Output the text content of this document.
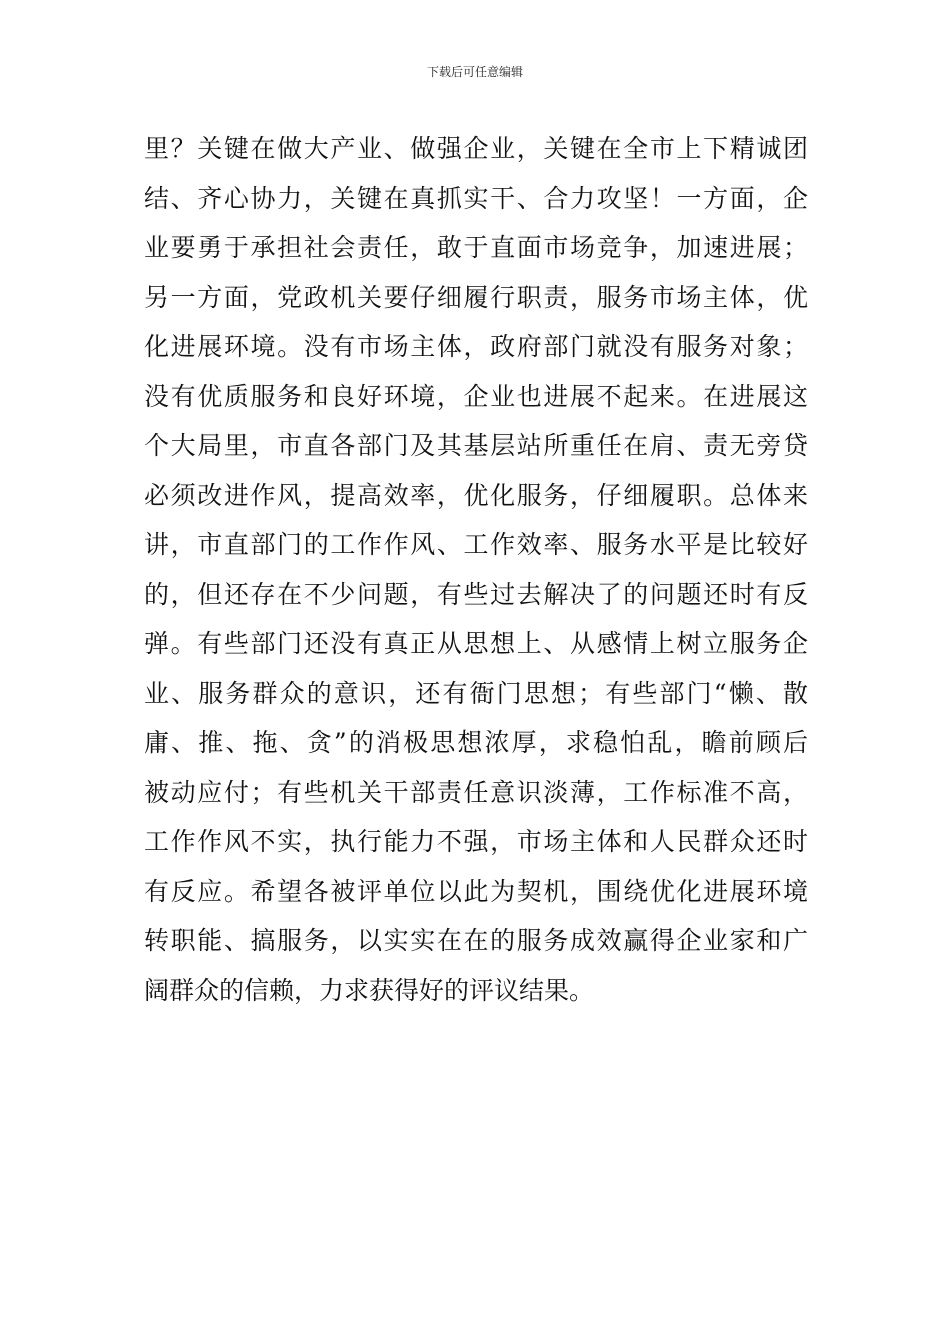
下载后可任意编辑
里？关键在做大产业、做强企业，关键在全市上下精诚团
结、齐心协力，关键在真抓实干、合力攻坚！一方面，企
业要勇于承担社会责任，敢于直面市场竞争，加速进展；
另一方面，党政机关要仔细履行职责，服务市场主体，优
化进展环境。没有市场主体，政府部门就没有服务对象；
没有优质服务和良好环境，企业也进展不起来。在进展这
个大局里，市直各部门及其基层站所重任在肩、责无旁贷
必须改进作风，提高效率，优化服务，仔细履职。总体来
讲，市直部门的工作作风、工作效率、服务水平是比较好
的，但还存在不少问题，有些过去解决了的问题还时有反
弹。有些部门还没有真正从思想上、从感情上树立服务企
业、服务群众的意识，还有衙门思想；有些部门“懒、散
庸、推、拖、贪”的消极思想浓厚，求稳怕乱，瞻前顾后
被动应付；有些机关干部责任意识淡薄，工作标准不高，
工作作风不实，执行能力不强，市场主体和人民群众还时
有反应。希望各被评单位以此为契机，围绕优化进展环境
转职能、搞服务，以实实在在的服务成效赢得企业家和广
阔群众的信赖，力求获得好的评议结果。
